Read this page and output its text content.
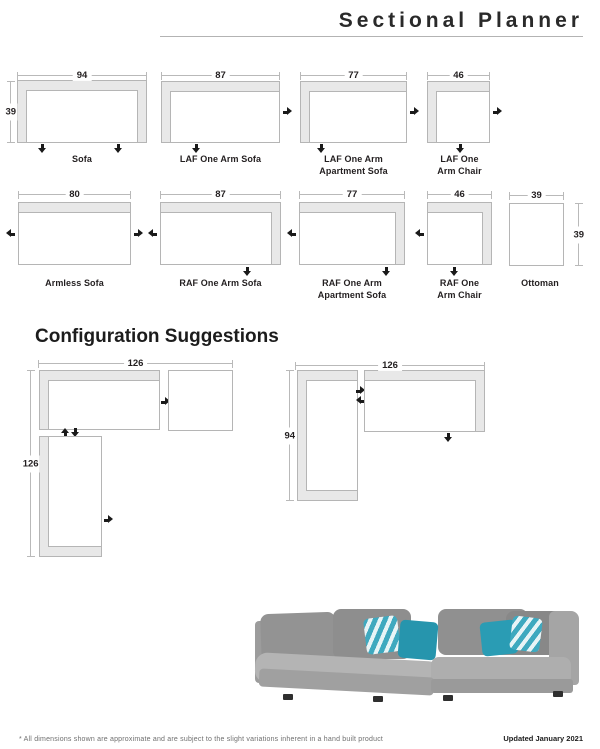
Sectional Planner
94
39
Sofa
87
LAF One Arm Sofa
77
LAF One Arm
Apartment Sofa
46
LAF One
Arm Chair
80
Armless Sofa
87
RAF One Arm Sofa
77
RAF One Arm
Apartment Sofa
46
RAF One
Arm Chair
39
39
Ottoman
Configuration Suggestions
126
126
126
94
* All dimensions shown are approximate and are subject to the slight variations inherent in a hand built product	Updated January 2021
